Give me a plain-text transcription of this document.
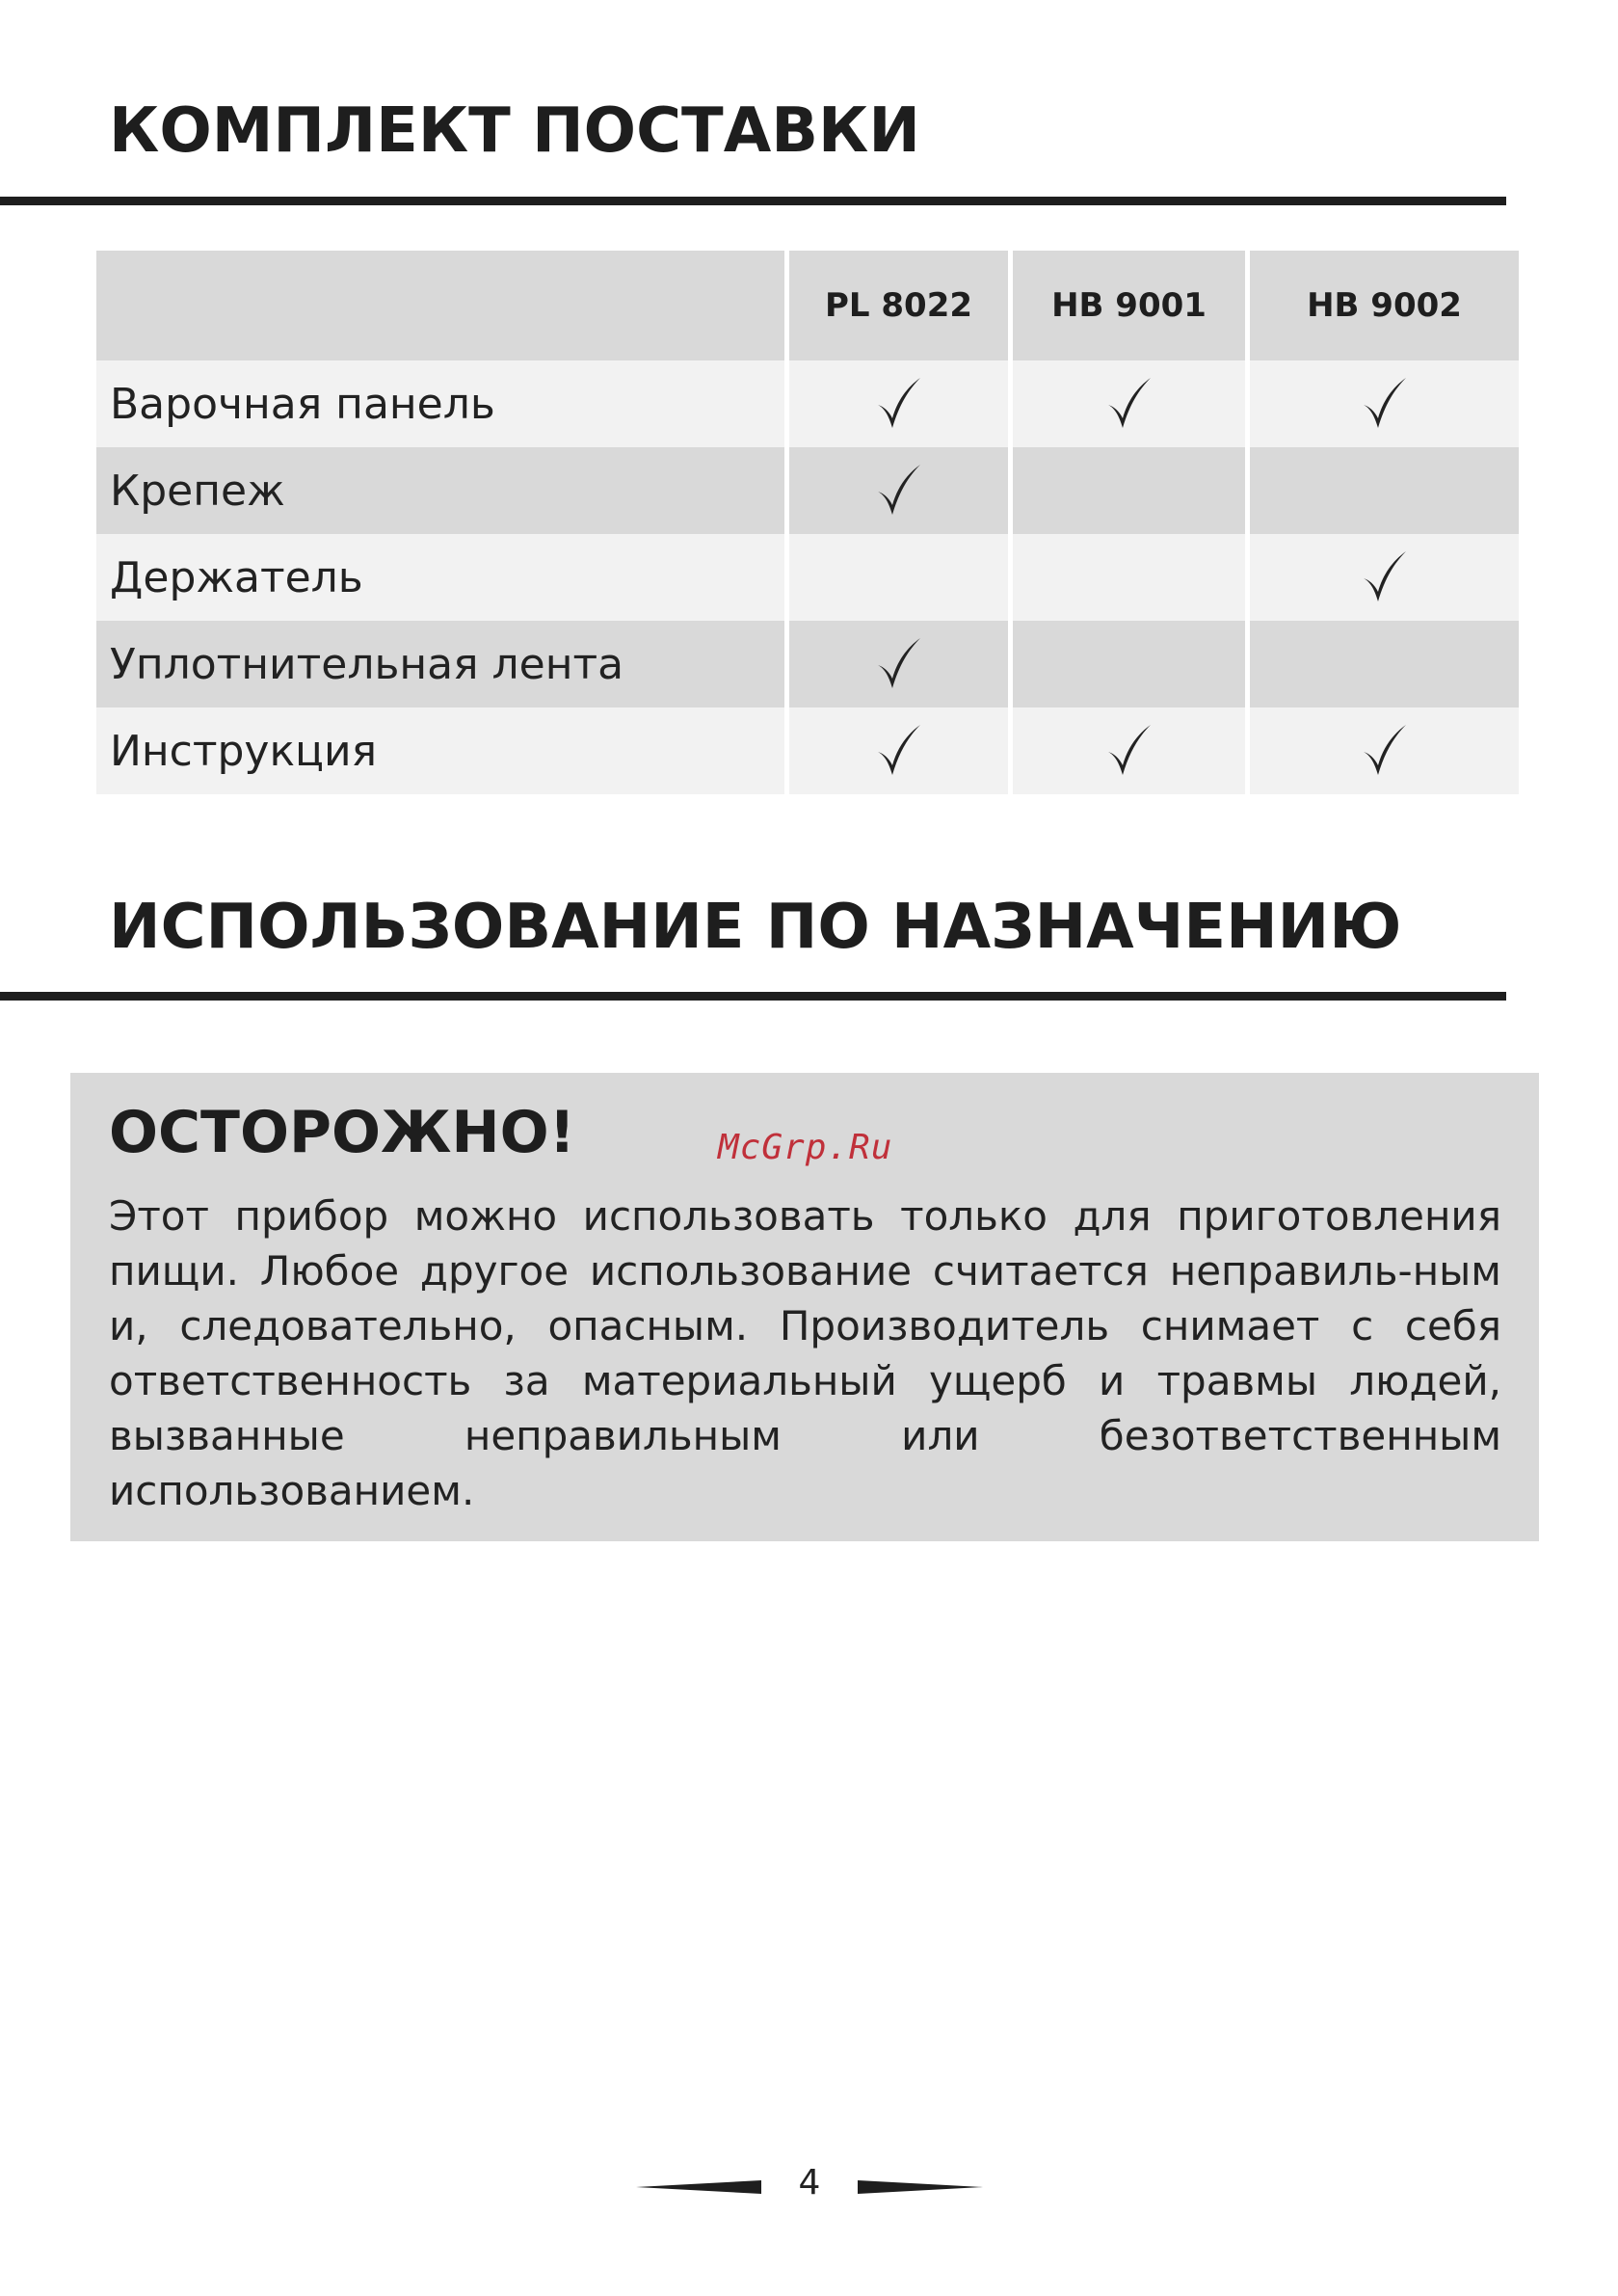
КОМПЛЕКТ ПОСТАВКИ
PL 8022 HB 9001	HB 9002
Варочная панель
Крепеж
Держатель
Уплотнительная лента
Инструкция
ИСПОЛЬЗОВАНИЕ ПО НАЗНАЧЕНИЮ
ОСТОРОЖНО!

Этот прибор можно использовать только для приготовления пищи. Любое другое использование считается неправиль-ным и, следовательно, опасным. Производитель снимает с себя ответственность за материальный ущерб и травмы людей, вызванные неправильным или безответственным использованием.

McGrp.Ru
4
